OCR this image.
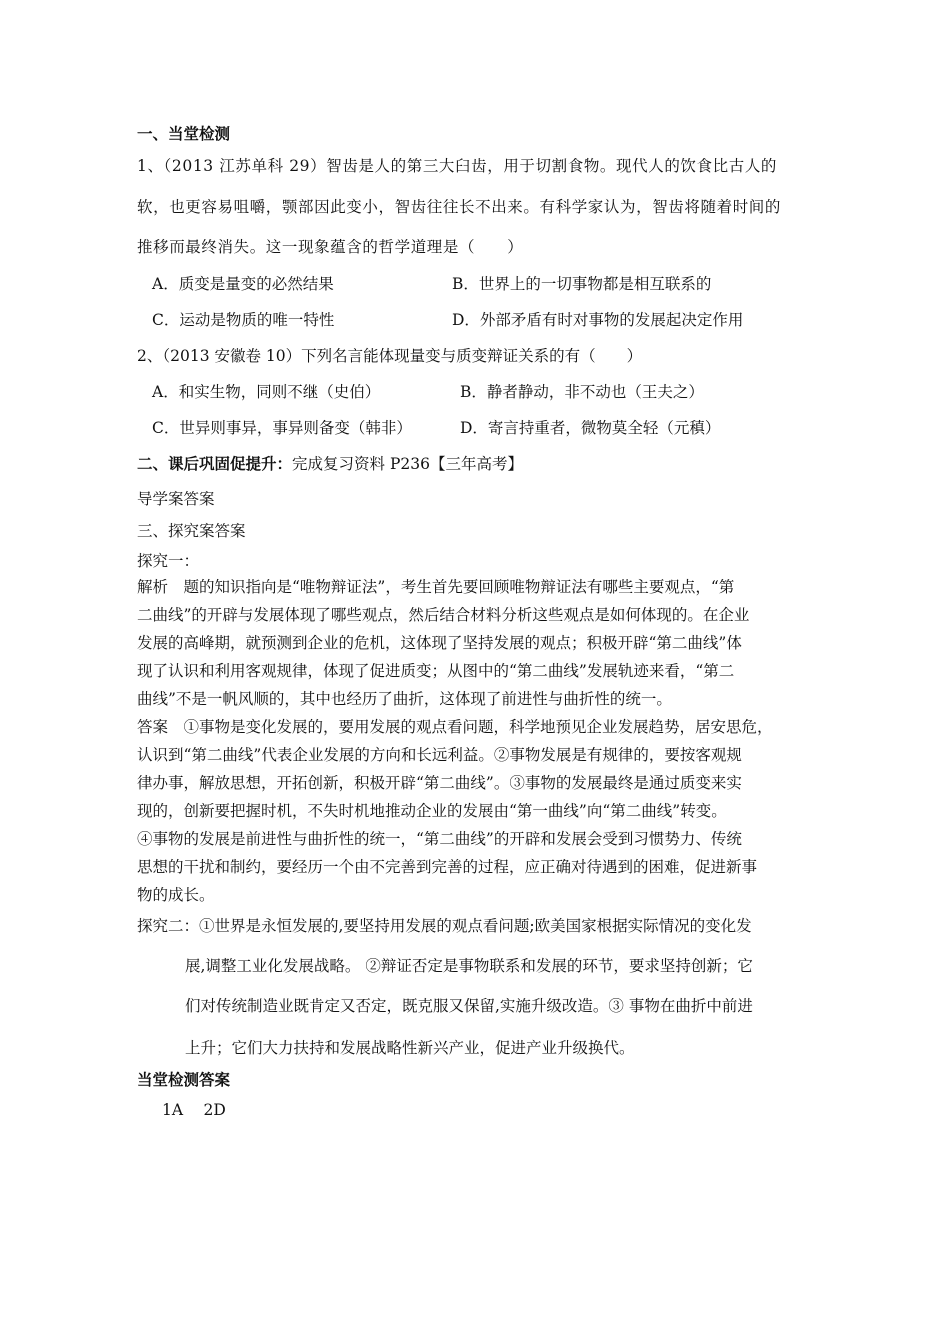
一、当堂检测
1、（2013 江苏单科 29）智齿是人的第三大臼齿，用于切割食物。现代人的饮食比古人的
软，也更容易咀嚼，颚部因此变小，智齿往往长不出来。有科学家认为，智齿将随着时间的
推移而最终消失。这一现象蕴含的哲学道理是（　　）
A．质变是量变的必然结果	B．世界上的一切事物都是相互联系的
C．运动是物质的唯一特性	D．外部矛盾有时对事物的发展起决定作用
2、（2013 安徽卷 10）下列名言能体现量变与质变辩证关系的有（　　）
A．和实生物，同则不继（史伯）	B．静者静动，非不动也（王夫之）
C．世异则事异，事异则备变（韩非）	D．寄言持重者，微物莫全轻（元稹）
二、课后巩固促提升：完成复习资料 P236【三年高考】
导学案答案
三、探究案答案
探究一：
解析　题的知识指向是“唯物辩证法”，考生首先要回顾唯物辩证法有哪些主要观点，“第
二曲线”的开辟与发展体现了哪些观点，然后结合材料分析这些观点是如何体现的。在企业
发展的高峰期，就预测到企业的危机，这体现了坚持发展的观点；积极开辟“第二曲线”体
现了认识和利用客观规律，体现了促进质变；从图中的“第二曲线”发展轨迹来看，“第二
曲线”不是一帆风顺的，其中也经历了曲折，这体现了前进性与曲折性的统一。
答案　①事物是变化发展的，要用发展的观点看问题，科学地预见企业发展趋势，居安思危，
认识到“第二曲线”代表企业发展的方向和长远利益。②事物发展是有规律的，要按客观规
律办事，解放思想，开拓创新，积极开辟“第二曲线”。③事物的发展最终是通过质变来实
现的，创新要把握时机，不失时机地推动企业的发展由“第一曲线”向“第二曲线”转变。
④事物的发展是前进性与曲折性的统一，“第二曲线”的开辟和发展会受到习惯势力、传统
思想的干扰和制约，要经历一个由不完善到完善的过程，应正确对待遇到的困难，促进新事
物的成长。
探究二：①世界是永恒发展的,要坚持用发展的观点看问题;欧美国家根据实际情况的变化发
展,调整工业化发展战略。 ②辩证否定是事物联系和发展的环节，要求坚持创新；它
们对传统制造业既肯定又否定，既克服又保留,实施升级改造。③ 事物在曲折中前进
上升；它们大力扶持和发展战略性新兴产业，促进产业升级换代。
当堂检测答案
1A　 2D
